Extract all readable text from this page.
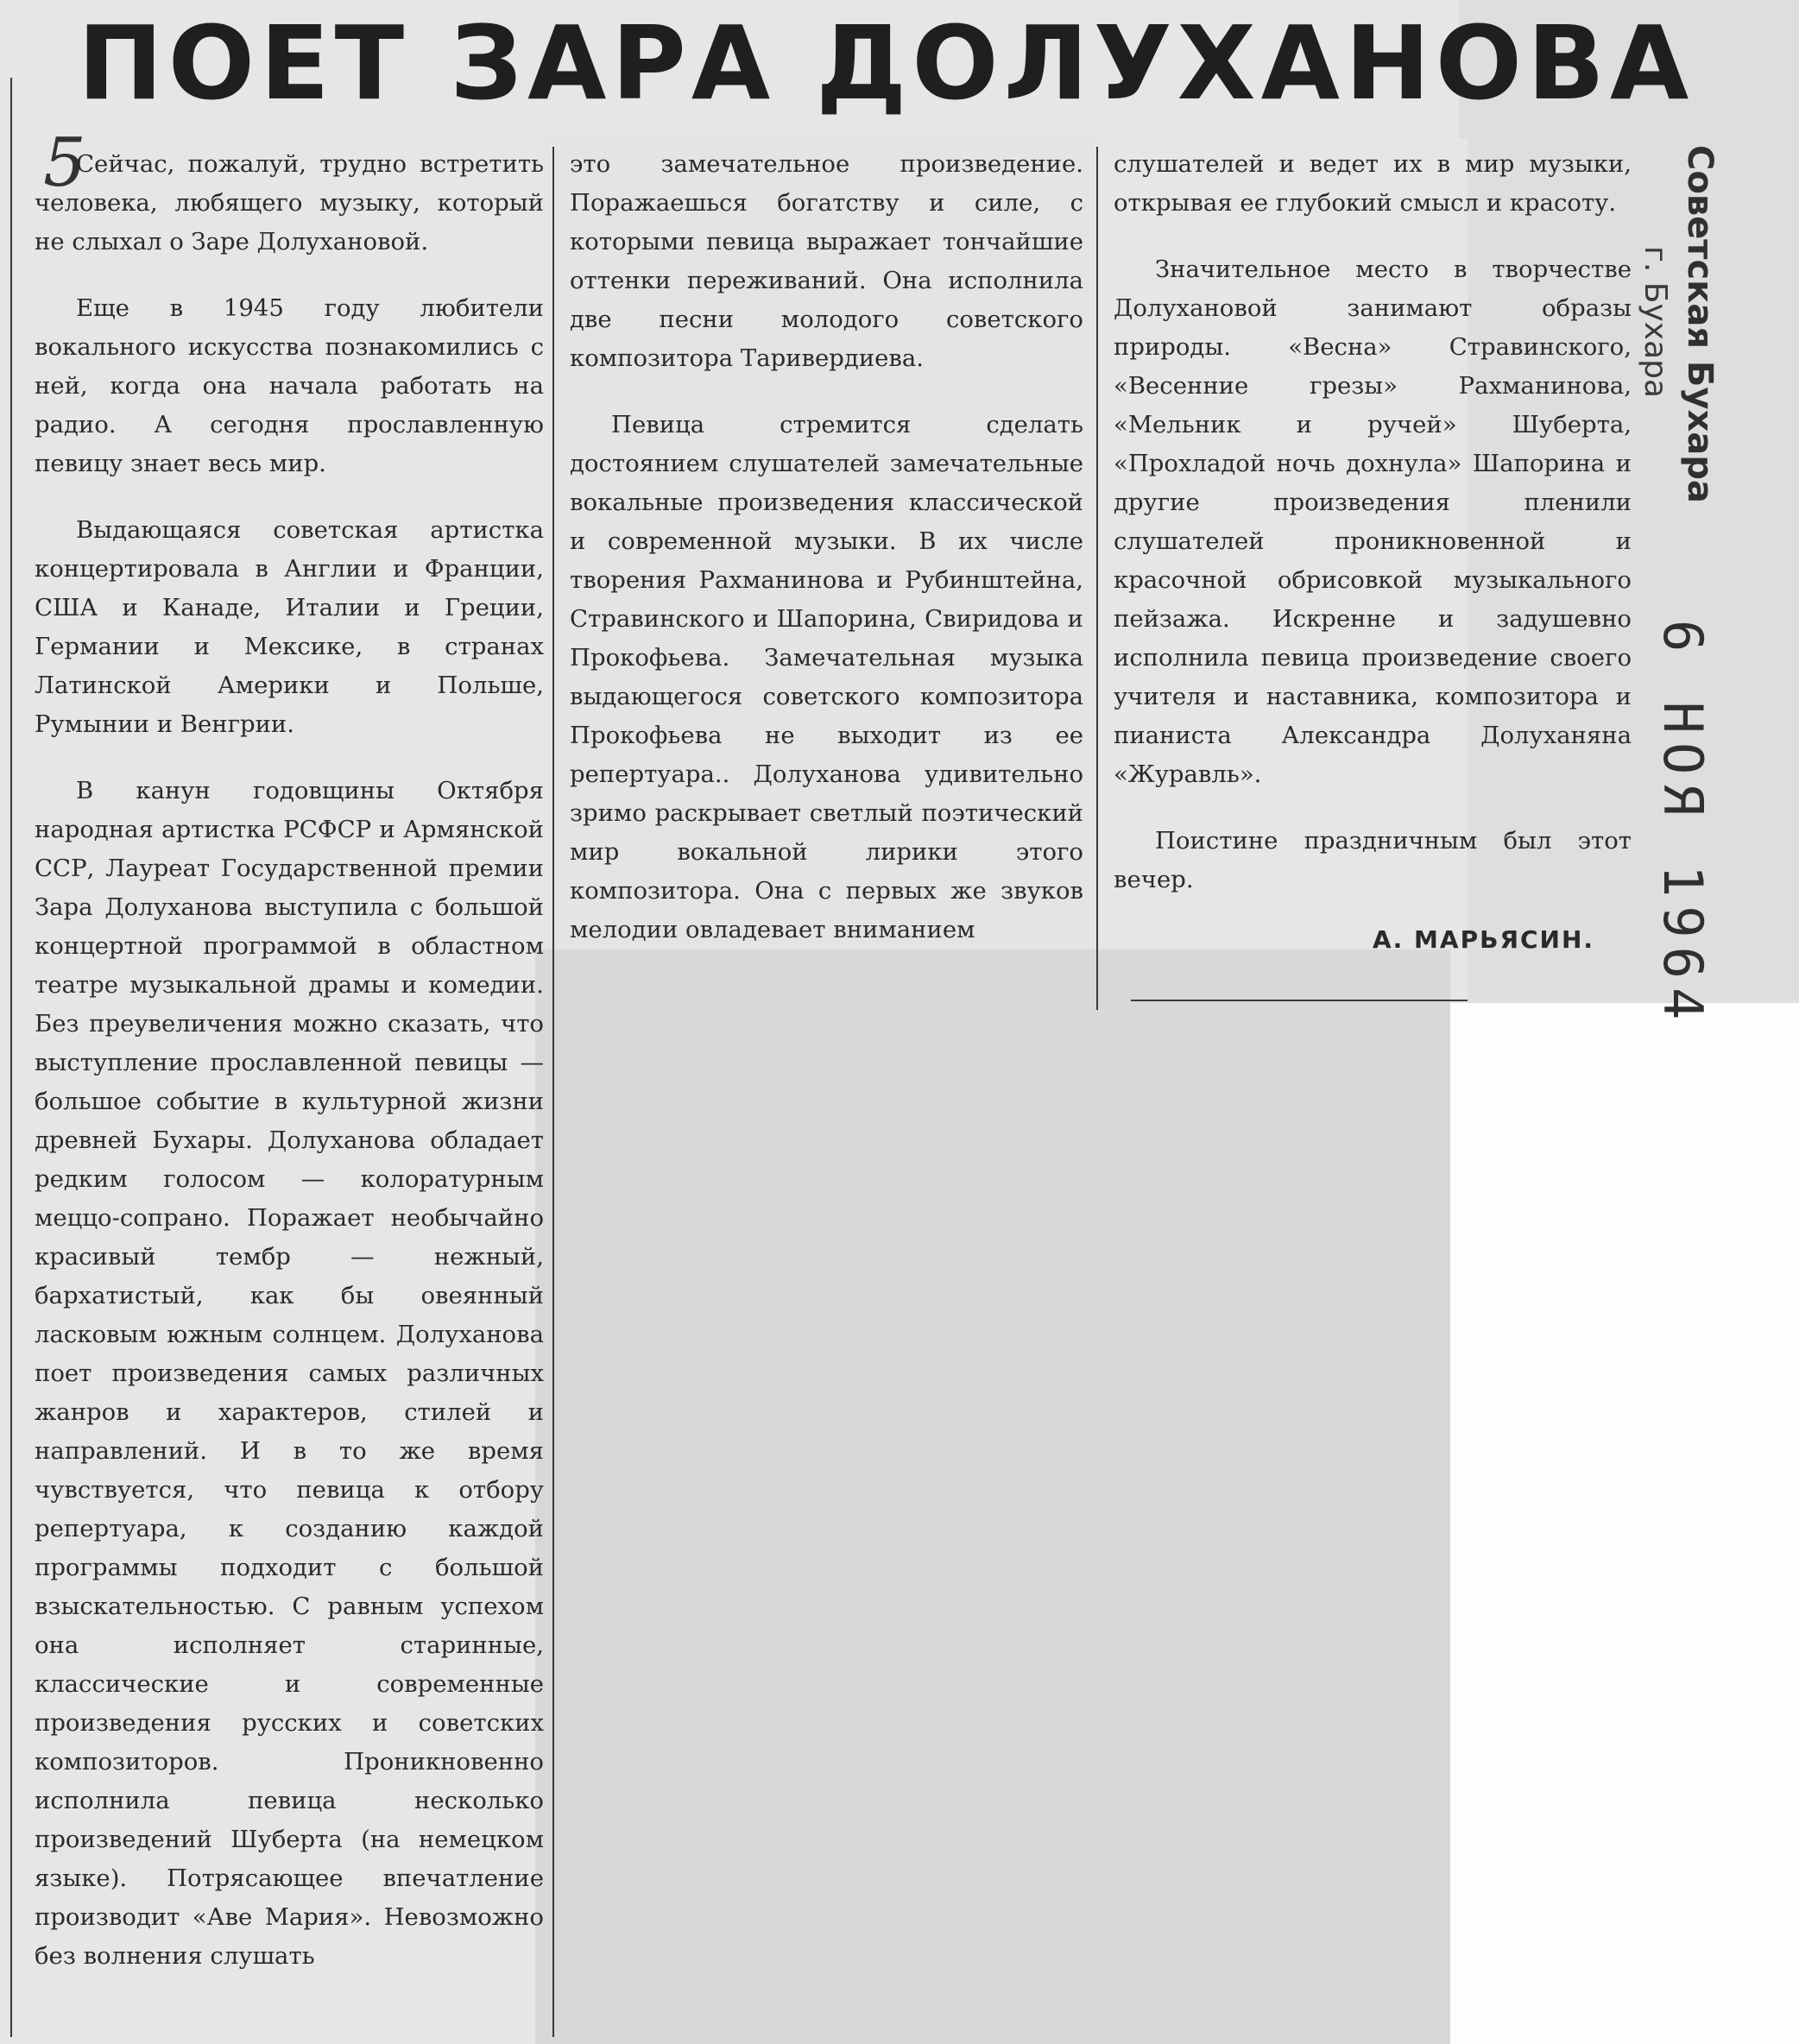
5
ПОЕТ ЗАРА ДОЛУХАНОВА

Сейчас, пожалуй, трудно встретить человека, любящего музыку, который не слыхал о Заре Долухановой.

Еще в 1945 году любители вокального искусства познакомились с ней, когда она начала работать на радио. А сегодня прославленную певицу знает весь мир.

Выдающаяся советская артистка концертировала в Англии и Франции, США и Канаде, Италии и Греции, Германии и Мексике, в странах Латинской Америки и Польше, Румынии и Венгрии.

В канун годовщины Октября народная артистка РСФСР и Армянской ССР, Лауреат Государственной премии Зара Долуханова выступила с большой концертной программой в областном театре музыкальной драмы и комедии. Без преувеличения можно сказать, что выступление прославленной певицы — большое событие в культурной жизни древней Бухары. Долуханова обладает редким голосом — колоратурным меццо-сопрано. Поражает необычайно красивый тембр — нежный, бархатистый, как бы овеянный ласковым южным солнцем. Долуханова поет произведения самых различных жанров и характеров, стилей и направлений. И в то же время чувствуется, что певица к отбору репертуара, к созданию каждой программы подходит с большой взыскательностью. С равным успехом она исполняет старинные, классические и современные произведения русских и советских композиторов. Проникновенно исполнила певица несколько произведений Шуберта (на немецком языке). Потрясающее впечатление производит «Аве Мария». Невозможно без волнения слушать

это замечательное произведение. Поражаешься богатству и силе, с которыми певица выражает тончайшие оттенки переживаний. Она исполнила две песни молодого советского композитора Таривердиева.

Певица стремится сделать достоянием слушателей замечательные вокальные произведения классической и современной музыки. В их числе творения Рахманинова и Рубинштейна, Стравинского и Шапорина, Свиридова и Прокофьева. Замечательная музыка выдающегося советского композитора Прокофьева не выходит из ее репертуара.. Долуханова удивительно зримо раскрывает светлый поэтический мир вокальной лирики этого композитора. Она с первых же звуков мелодии овладевает вниманием

слушателей и ведет их в мир музыки, открывая ее глубокий смысл и красоту.

Значительное место в творчестве Долухановой занимают образы природы. «Весна» Стравинского, «Весенние грезы» Рахманинова, «Мельник и ручей» Шуберта, «Прохладой ночь дохнула» Шапорина и другие произведения пленили слушателей проникновенной и красочной обрисовкой музыкального пейзажа. Искренне и задушевно исполнила певица произведение своего учителя и наставника, композитора и пианиста Александра Долуханяна «Журавль».

Поистине праздничным был этот вечер.

А. МАРЬЯСИН.
Советская Бухара
г. Бухара
6 НОЯ 1964
